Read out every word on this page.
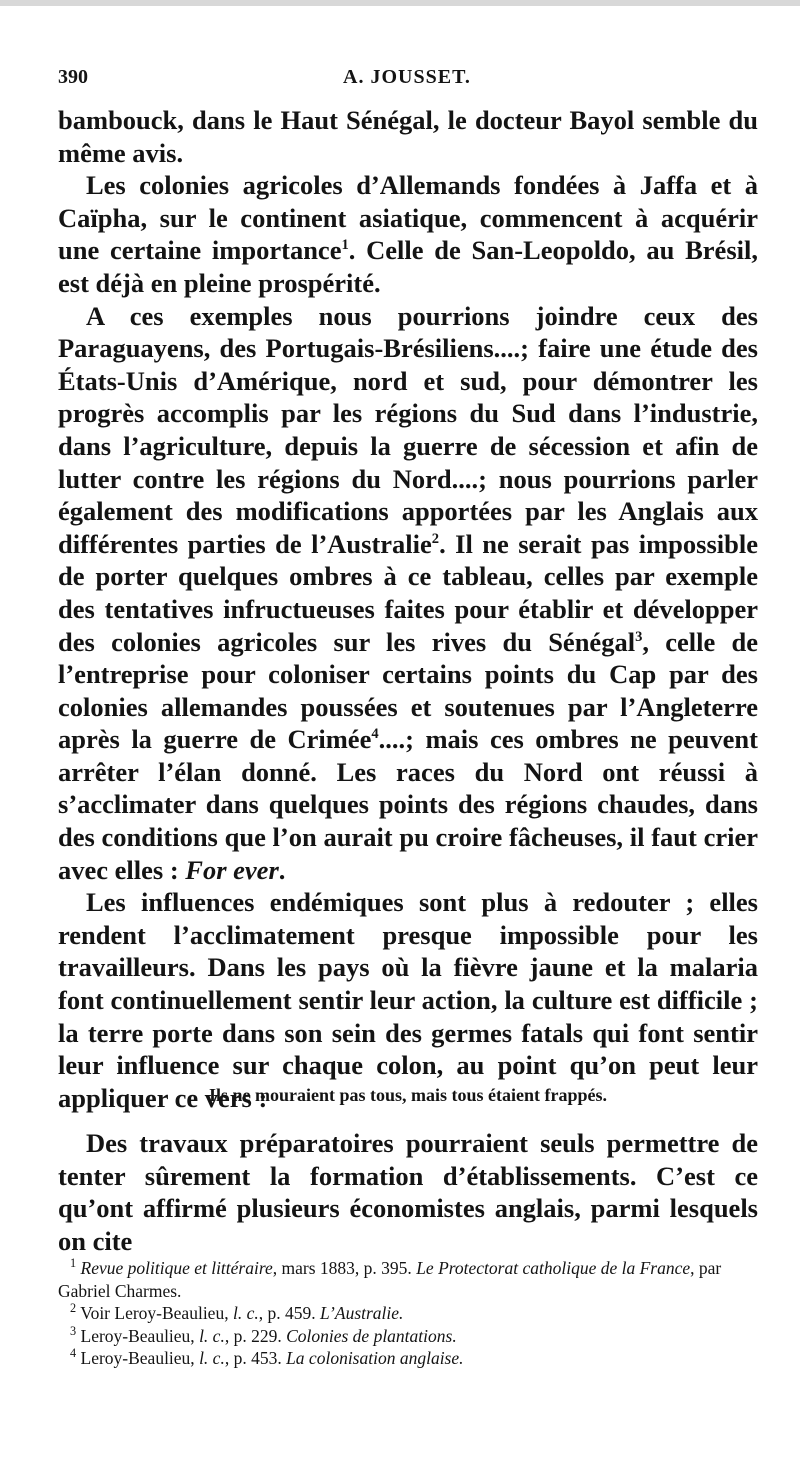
390	A. JOUSSET.

bambouck, dans le Haut Sénégal, le docteur Bayol semble du même avis.

Les colonies agricoles d’Allemands fondées à Jaffa et à Caïpha, sur le continent asiatique, commencent à acquérir une certaine importance$^1$. Celle de San-Leopoldo, au Brésil, est déjà en pleine prospérité.

A ces exemples nous pourrions joindre ceux des Paraguayens, des Portugais-Brésiliens....; faire une étude des États-Unis d’Amérique, nord et sud, pour démontrer les progrès accomplis par les régions du Sud dans l’industrie, dans l’agriculture, depuis la guerre de sécession et afin de lutter contre les régions du Nord....; nous pourrions parler également des modifications apportées par les Anglais aux différentes parties de l’Australie$^2$. Il ne serait pas impossible de porter quelques ombres à ce tableau, celles par exemple des tentatives infructueuses faites pour établir et développer des colonies agricoles sur les rives du Sénégal$^3$, celle de l’entreprise pour coloniser certains points du Cap par des colonies allemandes poussées et soutenues par l’Angleterre après la guerre de Crimée$^4$....; mais ces ombres ne peuvent arrêter l’élan donné. Les races du Nord ont réussi à s’acclimater dans quelques points des régions chaudes, dans des conditions que l’on aurait pu croire fâcheuses, il faut crier avec elles : For ever.

Les influences endémiques sont plus à redouter ; elles rendent l’acclimatement presque impossible pour les travailleurs. Dans les pays où la fièvre jaune et la malaria font continuellement sentir leur action, la culture est difficile ; la terre porte dans son sein des germes fatals qui font sentir leur influence sur chaque colon, au point qu’on peut leur appliquer ce vers :

Ils ne mouraient pas tous, mais tous étaient frappés.

Des travaux préparatoires pourraient seuls permettre de tenter sûrement la formation d’établissements. C’est ce qu’ont affirmé plusieurs économistes anglais, parmi lesquels on cite

$^1$ Revue politique et littéraire, mars 1883, p. 395. Le Protectorat catholique de la France, par Gabriel Charmes.

$^2$ Voir Leroy-Beaulieu, l. c., p. 459. L’Australie.

$^3$ Leroy-Beaulieu, l. c., p. 229. Colonies de plantations.

$^4$ Leroy-Beaulieu, l. c., p. 453. La colonisation anglaise.
